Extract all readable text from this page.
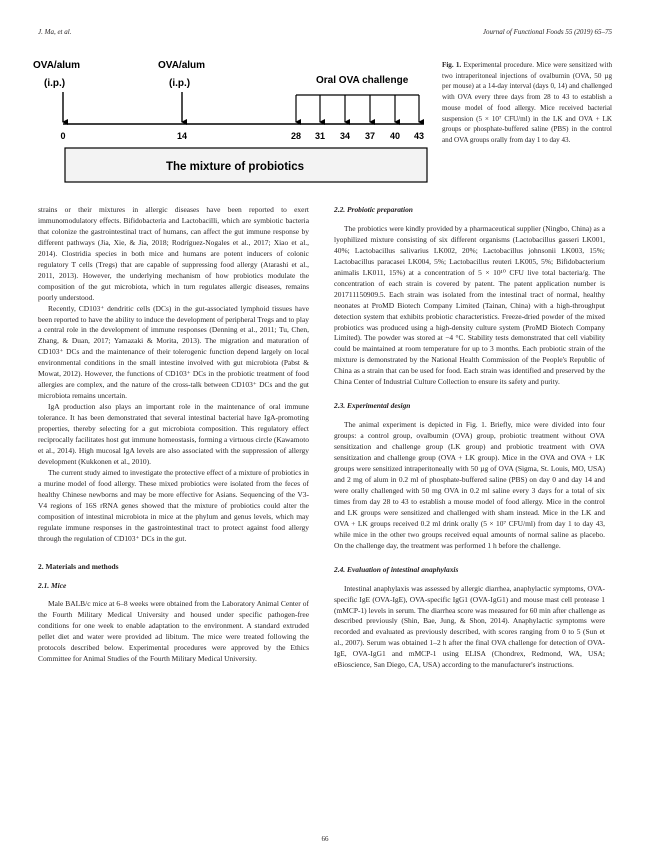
J. Ma, et al.	Journal of Functional Foods 55 (2019) 65–75
OVA/alum
(i.p.)
OVA/alum
(i.p.)	Oral OVA challenge
0	14	28 31 34 37 40 43
The mixture of probiotics
Fig. 1. Experimental procedure. Mice were sensitized with two intraperitoneal injections of ovalbumin (OVA, 50 µg per mouse) at a 14-day interval (days 0, 14) and challenged with OVA every three days from 28 to 43 to establish a mouse model of food allergy. Mice received bacterial suspension (5 × 10⁷ CFU/ml) in the LK and OVA + LK groups or phosphate-buffered saline (PBS) in the control and OVA groups orally from day 1 to day 43.

strains or their mixtures in allergic diseases have been reported to exert immunomodulatory effects. Bifidobacteria and Lactobacilli, which are symbiotic bacteria that colonize the gastrointestinal tract of humans, can affect the gut immune response by different pathways (Jia, Xie, & Jia, 2018; Rodríguez-Nogales et al., 2017; Xiao et al., 2014). Clostridia species in both mice and humans are potent inducers of colonic regulatory T cells (Tregs) that are capable of suppressing food allergy (Atarashi et al., 2011, 2013). However, the underlying mechanism of how probiotics modulate the composition of the gut microbiota, which in turn regulates allergic diseases, remains poorly understood.

Recently, CD103⁺ dendritic cells (DCs) in the gut-associated lymphoid tissues have been reported to have the ability to induce the development of peripheral Tregs and to play a central role in the development of immune responses (Denning et al., 2011; Tu, Chen, Zhang, & Duan, 2017; Yamazaki & Morita, 2013). The migration and maturation of CD103⁺ DCs and the maintenance of their tolerogenic function depend largely on local environmental conditions in the small intestine involved with gut microbiota (Pabst & Mowat, 2012). However, the functions of CD103⁺ DCs in the probiotic treatment of food allergies are complex, and the nature of the cross-talk between CD103⁺ DCs and the gut microbiota remains uncertain.

IgA production also plays an important role in the maintenance of oral immune tolerance. It has been demonstrated that several intestinal bacterial have IgA-promoting properties, thereby selecting for a gut microbiota composition. This regulatory effect reciprocally facilitates host gut immune homeostasis, forming a virtuous circle (Kawamoto et al., 2014). High mucosal IgA levels are also associated with the suppression of allergy development (Kukkonen et al., 2010).

The current study aimed to investigate the protective effect of a mixture of probiotics in a murine model of food allergy. These mixed probiotics were isolated from the feces of healthy Chinese newborns and may be more effective for Asians. Sequencing of the V3-V4 regions of 16S rRNA genes showed that the mixture of probiotics could alter the composition of intestinal microbiota in mice at the phylum and genus levels, which may regulate immune responses in the gastrointestinal tract to protect against food allergy through the regulation of CD103⁺ DCs in the gut.

2. Materials and methods
2.1. Mice

Male BALB/c mice at 6–8 weeks were obtained from the Laboratory Animal Center of the Fourth Military Medical University and housed under specific pathogen-free conditions for one week to enable adaptation to the environment. A standard extruded pellet diet and water were provided ad libitum. The mice were treated following the protocols described below. Experimental procedures were approved by the Ethics Committee for Animal Studies of the Fourth Military Medical University.

2.2. Probiotic preparation

The probiotics were kindly provided by a pharmaceutical supplier (Ningbo, China) as a lyophilized mixture consisting of six different organisms (Lactobacillus gasseri LK001, 40%; Lactobacillus salivarius LK002, 20%; Lactobacillus johnsonii LK003, 15%; Lactobacillus paracasei LK004, 5%; Lactobacillus reuteri LK005, 5%; Bifidobacterium animalis LK011, 15%) at a concentration of 5 × 10¹⁰ CFU live total bacteria/g. The concentration of each strain is covered by patent. The patent application number is 201711150909.5. Each strain was isolated from the intestinal tract of normal, healthy neonates at ProMD Biotech Company Limited (Tainan, China) with a high-throughput detection system that exhibits probiotic characteristics. Freeze-dried powder of the mixed probiotics was produced using a high-density culture system (ProMD Biotech Company Limited). The powder was stored at −4 °C. Stability tests demonstrated that cell viability could be maintained at room temperature for up to 3 months. Each probiotic strain of the mixture is demonstrated by the National Health Commission of the People's Republic of China as a strain that can be used for food. Each strain was identified and preserved by the China Center of Industrial Culture Collection to ensure its safety and purity.

2.3. Experimental design

The animal experiment is depicted in Fig. 1. Briefly, mice were divided into four groups: a control group, ovalbumin (OVA) group, probiotic treatment without OVA sensitization and challenge group (LK group) and probiotic treatment with OVA sensitization and challenge group (OVA + LK group). Mice in the OVA and OVA + LK groups were sensitized intraperitoneally with 50 µg of OVA (Sigma, St. Louis, MO, USA) and 2 mg of alum in 0.2 ml of phosphate-buffered saline (PBS) on day 0 and day 14 and were orally challenged with 50 mg OVA in 0.2 ml saline every 3 days for a total of six times from day 28 to 43 to establish a mouse model of food allergy. Mice in the control and LK groups were sensitized and challenged with sham instead. Mice in the LK and OVA + LK groups received 0.2 ml drink orally (5 × 10⁷ CFU/ml) from day 1 to day 43, while mice in the other two groups received equal amounts of normal saline as placebo. On the challenge day, the treatment was performed 1 h before the challenge.

2.4. Evaluation of intestinal anaphylaxis

Intestinal anaphylaxis was assessed by allergic diarrhea, anaphylactic symptoms, OVA-specific IgE (OVA-IgE), OVA-specific IgG1 (OVA-IgG1) and mouse mast cell protease 1 (mMCP-1) levels in serum. The diarrhea score was measured for 60 min after challenge as described previously (Shin, Bae, Jung, & Shon, 2014). Anaphylactic symptoms were recorded and evaluated as previously described, with scores ranging from 0 to 5 (Sun et al., 2007). Serum was obtained 1–2 h after the final OVA challenge for detection of OVA-IgE, OVA-IgG1 and mMCP-1 using ELISA (Chondrex, Redmond, WA, USA; eBioscience, San Diego, CA, USA) according to the manufacturer's instructions.

66
